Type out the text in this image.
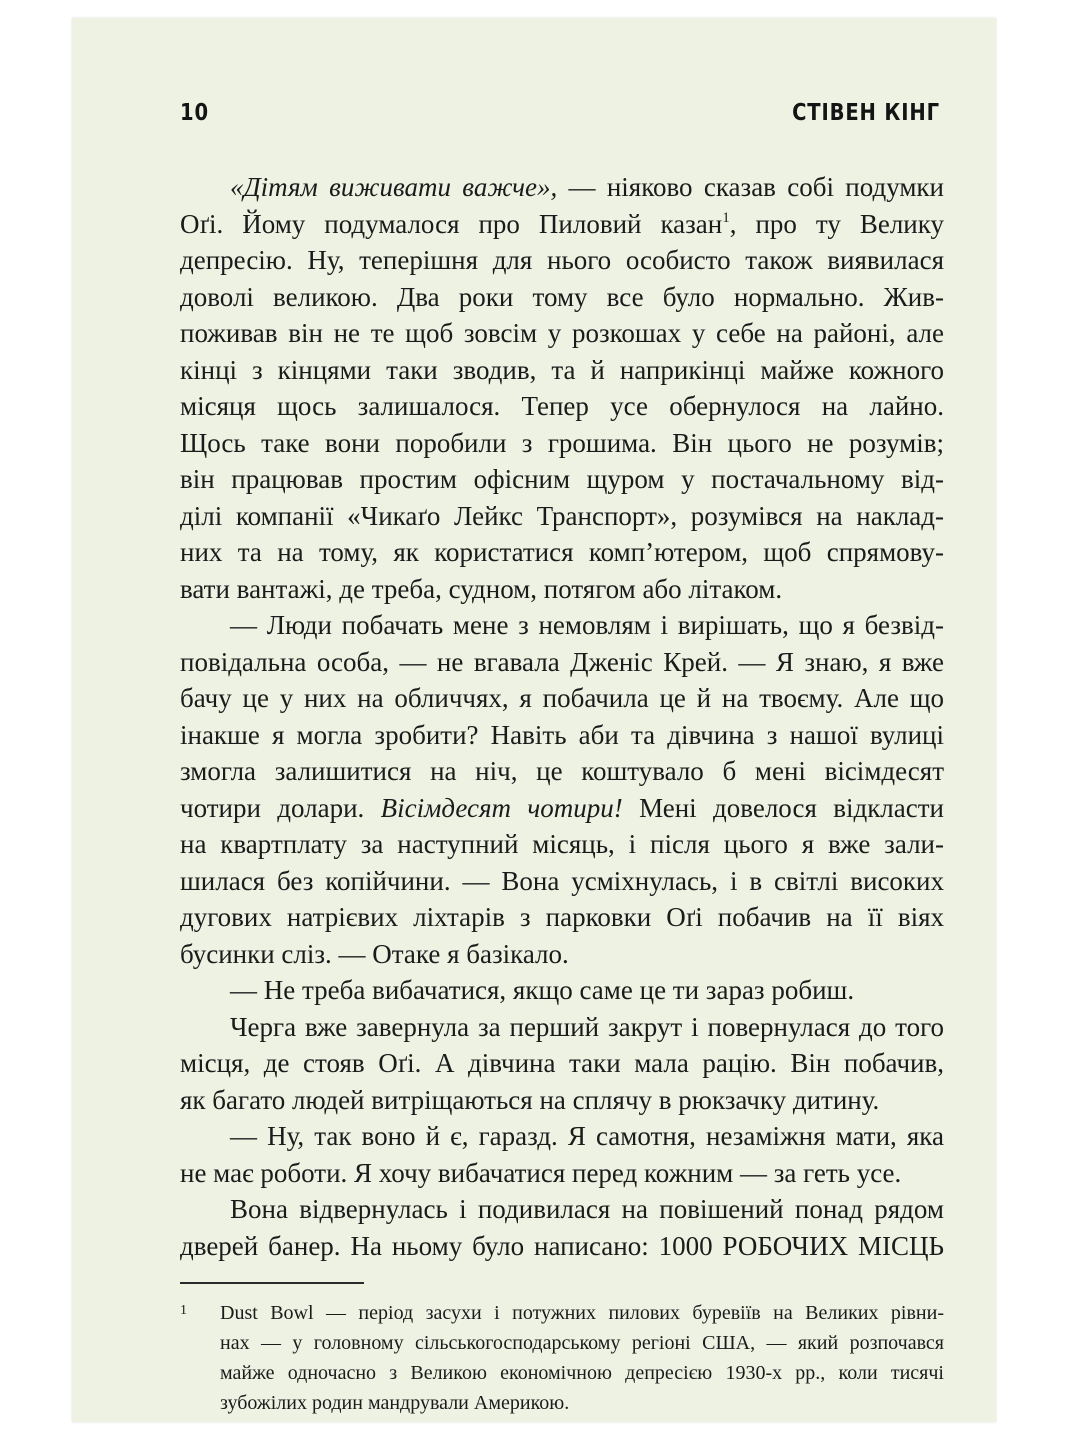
10	СТІВЕН КІНГ

«Дітям виживати важче», — ніяково сказав собі подумки
Оґі. Йому подумалося про Пиловий казан$^1$, про ту Велику
депресію. Ну, теперішня для нього особисто також виявилася
доволі великою. Два роки тому все було нормально. Жив-
поживав він не те щоб зовсім у розкошах у себе на районі, але
кінці з кінцями таки зводив, та й наприкінці майже кожного
місяця щось залишалося. Тепер усе обернулося на лайно.
Щось таке вони поробили з грошима. Він цього не розумів;
він працював простим офісним щуром у постачальному від-
ділі компанії «Чикаґо Лейкс Транспорт», розумівся на наклад-
них та на тому, як користатися комп’ютером, щоб спрямову-
вати вантажі, де треба, судном, потягом або літаком.

— Люди побачать мене з немовлям і вирішать, що я безвід-
повідальна особа, — не вгавала Дженіс Крей. — Я знаю, я вже
бачу це у них на обличчях, я побачила це й на твоєму. Але що
інакше я могла зробити? Навіть аби та дівчина з нашої вулиці
змогла залишитися на ніч, це коштувало б мені вісімдесят
чотири долари. Вісімдесят чотири! Мені довелося відкласти
на квартплату за наступний місяць, і після цього я вже зали-
шилася без копійчини. — Вона усміхнулась, і в світлі високих
дугових натрієвих ліхтарів з парковки Оґі побачив на її віях
бусинки сліз. — Отаке я базікало.

— Не треба вибачатися, якщо саме це ти зараз робиш.

Черга вже завернула за перший закрут і повернулася до того
місця, де стояв Оґі. А дівчина таки мала рацію. Він побачив,
як багато людей витріщаються на сплячу в рюкзачку дитину.

— Ну, так воно й є, гаразд. Я самотня, незаміжня мати, яка
не має роботи. Я хочу вибачатися перед кожним — за геть усе.

Вона відвернулась і подивилася на повішений понад рядом
дверей банер. На ньому було написано: 1000 РОБОЧИХ МІСЦЬ

1 Dust Bowl — період засухи і потужних пилових буревіїв на Великих рівни-
нах — у головному сільськогосподарському регіоні США, — який розпочався
майже одночасно з Великою економічною депресією 1930-х рр., коли тисячі
зубожілих родин мандрували Америкою.
